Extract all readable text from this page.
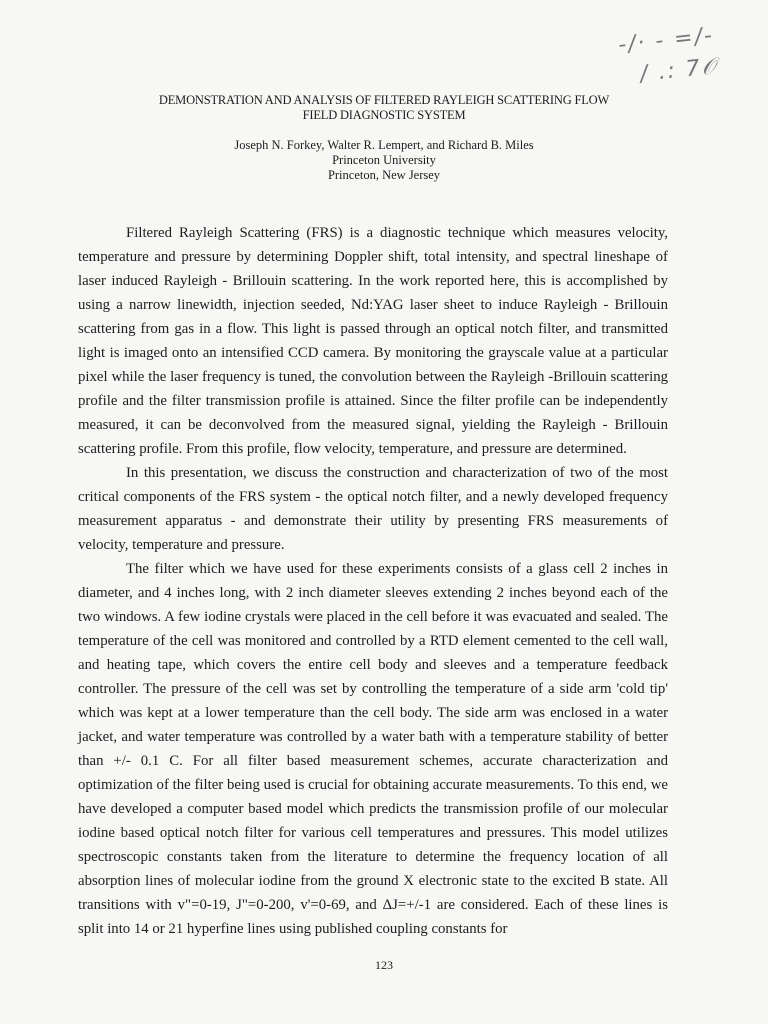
-/· - =/-
/ .: 7𝒪
DEMONSTRATION AND ANALYSIS OF FILTERED RAYLEIGH SCATTERING FLOW
FIELD DIAGNOSTIC SYSTEM
Joseph N. Forkey, Walter R. Lempert, and Richard B. Miles
Princeton University
Princeton, New Jersey

Filtered Rayleigh Scattering (FRS) is a diagnostic technique which measures velocity, temperature and pressure by determining Doppler shift, total intensity, and spectral lineshape of laser induced Rayleigh - Brillouin scattering. In the work reported here, this is accomplished by using a narrow linewidth, injection seeded, Nd:YAG laser sheet to induce Rayleigh - Brillouin scattering from gas in a flow. This light is passed through an optical notch filter, and transmitted light is imaged onto an intensified CCD camera. By monitoring the grayscale value at a particular pixel while the laser frequency is tuned, the convolution between the Rayleigh -Brillouin scattering profile and the filter transmission profile is attained. Since the filter profile can be independently measured, it can be deconvolved from the measured signal, yielding the Rayleigh - Brillouin scattering profile. From this profile, flow velocity, temperature, and pressure are determined.

In this presentation, we discuss the construction and characterization of two of the most critical components of the FRS system - the optical notch filter, and a newly developed frequency measurement apparatus - and demonstrate their utility by presenting FRS measurements of velocity, temperature and pressure.

The filter which we have used for these experiments consists of a glass cell 2 inches in diameter, and 4 inches long, with 2 inch diameter sleeves extending 2 inches beyond each of the two windows. A few iodine crystals were placed in the cell before it was evacuated and sealed. The temperature of the cell was monitored and controlled by a RTD element cemented to the cell wall, and heating tape, which covers the entire cell body and sleeves and a temperature feedback controller. The pressure of the cell was set by controlling the temperature of a side arm 'cold tip' which was kept at a lower temperature than the cell body. The side arm was enclosed in a water jacket, and water temperature was controlled by a water bath with a temperature stability of better than +/- 0.1 C. For all filter based measurement schemes, accurate characterization and optimization of the filter being used is crucial for obtaining accurate measurements. To this end, we have developed a computer based model which predicts the transmission profile of our molecular iodine based optical notch filter for various cell temperatures and pressures. This model utilizes spectroscopic constants taken from the literature to determine the frequency location of all absorption lines of molecular iodine from the ground X electronic state to the excited B state. All transitions with v"=0-19, J"=0-200, v'=0-69, and ΔJ=+/-1 are considered. Each of these lines is split into 14 or 21 hyperfine lines using published coupling constants for

123
